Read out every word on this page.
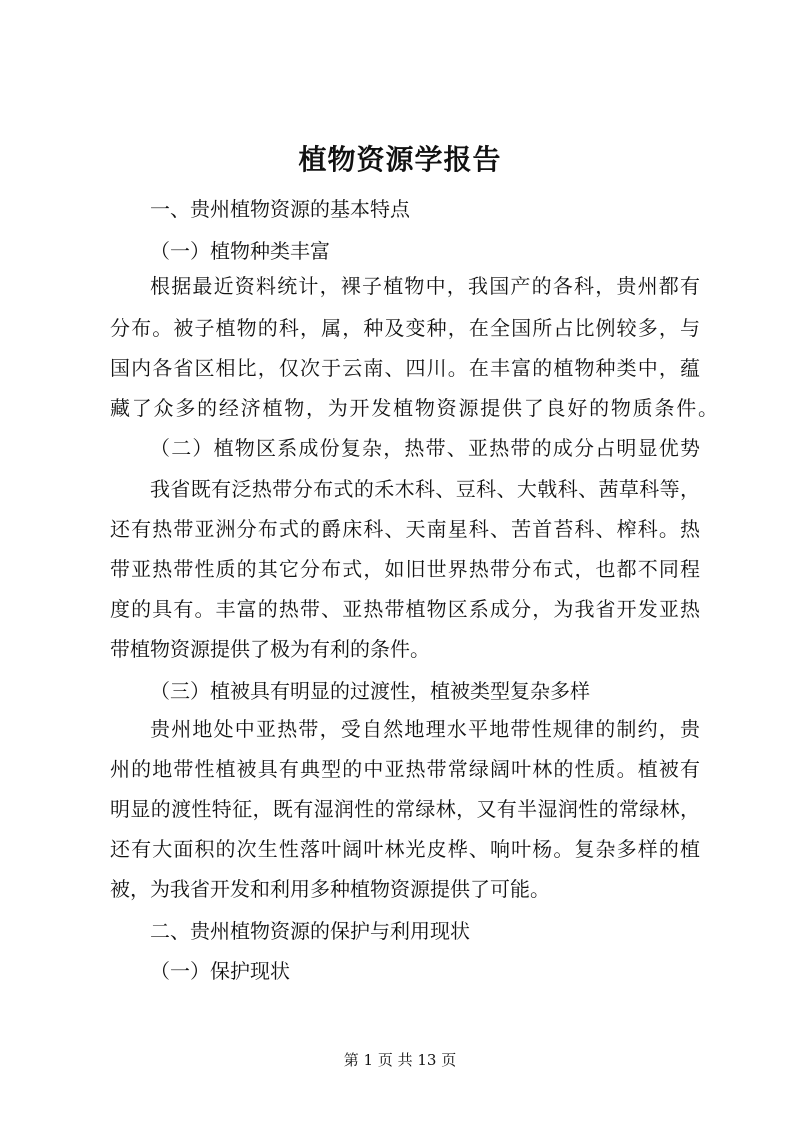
植物资源学报告
一、贵州植物资源的基本特点
（一）植物种类丰富
根据最近资料统计，裸子植物中，我国产的各科，贵州都有
分布。被子植物的科，属，种及变种，在全国所占比例较多，与
国内各省区相比，仅次于云南、四川。在丰富的植物种类中，蕴
藏了众多的经济植物，为开发植物资源提供了良好的物质条件。
（二）植物区系成份复杂，热带、亚热带的成分占明显优势
我省既有泛热带分布式的禾木科、豆科、大戟科、茜草科等，
还有热带亚洲分布式的爵床科、天南星科、苦首苔科、榨科。热
带亚热带性质的其它分布式，如旧世界热带分布式，也都不同程
度的具有。丰富的热带、亚热带植物区系成分，为我省开发亚热
带植物资源提供了极为有利的条件。
（三）植被具有明显的过渡性，植被类型复杂多样
贵州地处中亚热带，受自然地理水平地带性规律的制约，贵
州的地带性植被具有典型的中亚热带常绿阔叶林的性质。植被有
明显的渡性特征，既有湿润性的常绿林，又有半湿润性的常绿林，
还有大面积的次生性落叶阔叶林光皮桦、响叶杨。复杂多样的植
被，为我省开发和利用多种植物资源提供了可能。
二、贵州植物资源的保护与利用现状
（一）保护现状
第 1 页 共 13 页
